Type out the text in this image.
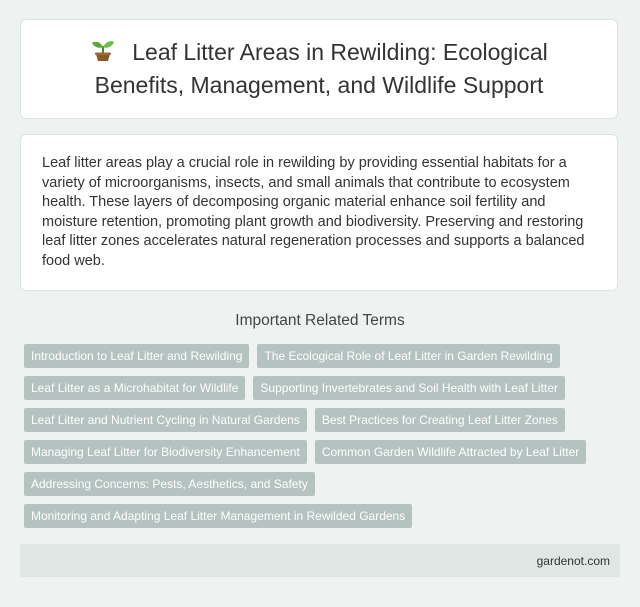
Leaf Litter Areas in Rewilding: Ecological Benefits, Management, and Wildlife Support

Leaf litter areas play a crucial role in rewilding by providing essential habitats for a variety of microorganisms, insects, and small animals that contribute to ecosystem health. These layers of decomposing organic material enhance soil fertility and moisture retention, promoting plant growth and biodiversity. Preserving and restoring leaf litter zones accelerates natural regeneration processes and supports a balanced food web.

Important Related Terms
Introduction to Leaf Litter and Rewilding	The Ecological Role of Leaf Litter in Garden Rewilding
Leaf Litter as a Microhabitat for Wildlife	Supporting Invertebrates and Soil Health with Leaf Litter
Leaf Litter and Nutrient Cycling in Natural Gardens	Best Practices for Creating Leaf Litter Zones
Managing Leaf Litter for Biodiversity Enhancement	Common Garden Wildlife Attracted by Leaf Litter
Addressing Concerns: Pests, Aesthetics, and Safety
Monitoring and Adapting Leaf Litter Management in Rewilded Gardens
gardenot.com
